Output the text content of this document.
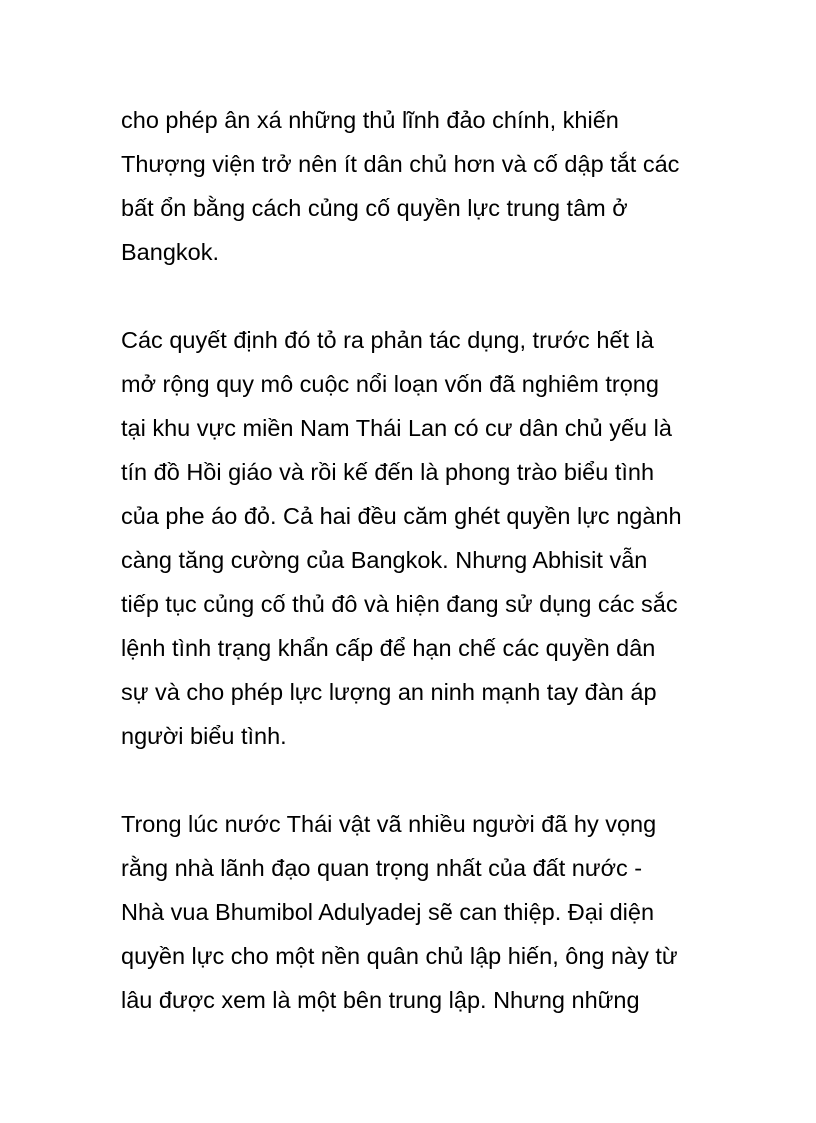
cho phép ân xá những thủ lĩnh đảo chính, khiến
Thượng viện trở nên ít dân chủ hơn và cố dập tắt các
bất ổn bằng cách củng cố quyền lực trung tâm ở
Bangkok.

Các quyết định đó tỏ ra phản tác dụng, trước hết là
mở rộng quy mô cuộc nổi loạn vốn đã nghiêm trọng
tại khu vực miền Nam Thái Lan có cư dân chủ yếu là
tín đồ Hồi giáo và rồi kế đến là phong trào biểu tình
của phe áo đỏ. Cả hai đều căm ghét quyền lực ngành
càng tăng cường của Bangkok. Nhưng Abhisit vẫn
tiếp tục củng cố thủ đô và hiện đang sử dụng các sắc
lệnh tình trạng khẩn cấp để hạn chế các quyền dân
sự và cho phép lực lượng an ninh mạnh tay đàn áp
người biểu tình.

Trong lúc nước Thái vật vã nhiều người đã hy vọng
rằng nhà lãnh đạo quan trọng nhất của đất nước -
Nhà vua Bhumibol Adulyadej sẽ can thiệp. Đại diện
quyền lực cho một nền quân chủ lập hiến, ông này từ
lâu được xem là một bên trung lập. Nhưng những
